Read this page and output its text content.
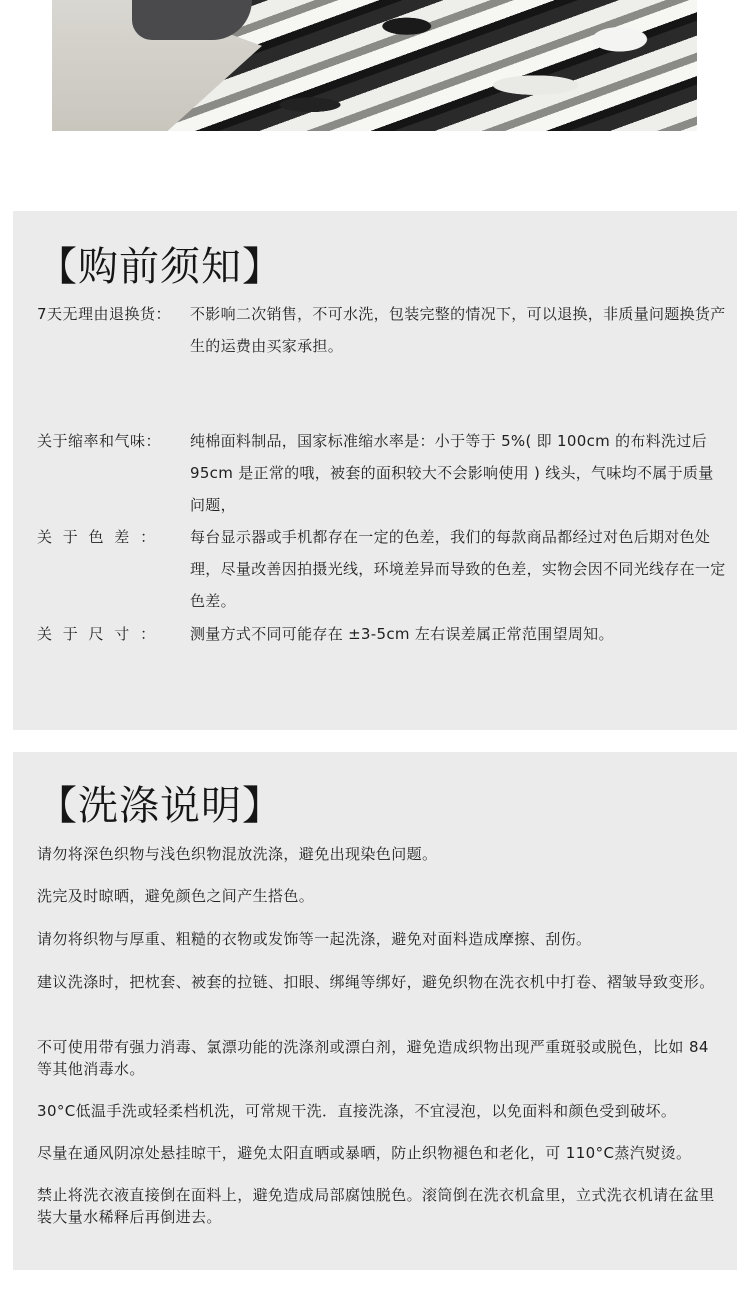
【购前须知】
7天无理由退换货：	不影响二次销售，不可水洗，包装完整的情况下，可以退换，非质量问题换货产生的运费由买家承担。
关于缩率和气味：	纯棉面料制品，国家标准缩水率是：小于等于 5%( 即 100cm 的布料洗过后 95cm 是正常的哦，被套的面积较大不会影响使用 ) 线头，气味均不属于质量问题，
关 于 色 差 ：	每台显示器或手机都存在一定的色差，我们的每款商品都经过对色后期对色处理，尽量改善因拍摄光线，环境差异而导致的色差，实物会因不同光线存在一定色差。
关 于 尺 寸 ：	测量方式不同可能存在 ±3-5cm 左右误差属正常范围望周知。
【洗涤说明】

请勿将深色织物与浅色织物混放洗涤，避免出现染色问题。

洗完及时晾晒，避免颜色之间产生搭色。

请勿将织物与厚重、粗糙的衣物或发饰等一起洗涤，避免对面料造成摩擦、刮伤。

建议洗涤时，把枕套、被套的拉链、扣眼、绑绳等绑好，避免织物在洗衣机中打卷、褶皱导致变形。

不可使用带有强力消毒、氯漂功能的洗涤剂或漂白剂，避免造成织物出现严重斑驳或脱色，比如 84 等其他消毒水。

30°C低温手洗或轻柔档机洗，可常规干洗．直接洗涤，不宜浸泡，以免面料和颜色受到破坏。

尽量在通风阴凉处悬挂晾干，避免太阳直晒或暴晒，防止织物褪色和老化，可 110°C蒸汽熨烫。

禁止将洗衣液直接倒在面料上，避免造成局部腐蚀脱色。滚筒倒在洗衣机盒里，立式洗衣机请在盆里装大量水稀释后再倒进去。
